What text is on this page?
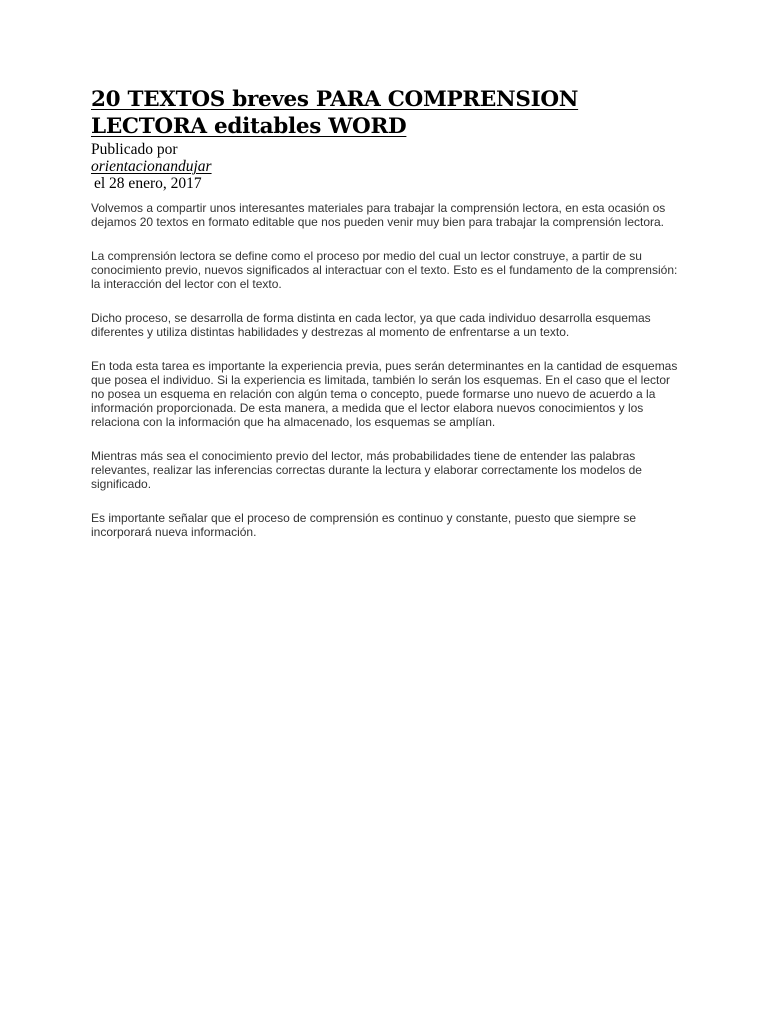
20 TEXTOS breves PARA COMPRENSION LECTORA editables WORD
Publicado por
orientacionandujar
el 28 enero, 2017

Volvemos a compartir unos interesantes materiales para trabajar la comprensión lectora, en esta ocasión os dejamos 20 textos en formato editable que nos pueden venir muy bien para trabajar la comprensión lectora.

La comprensión lectora se define como el proceso por medio del cual un lector construye, a partir de su conocimiento previo, nuevos significados al interactuar con el texto. Esto es el fundamento de la comprensión: la interacción del lector con el texto.

Dicho proceso, se desarrolla de forma distinta en cada lector, ya que cada individuo desarrolla esquemas diferentes y utiliza distintas habilidades y destrezas al momento de enfrentarse a un texto.

En toda esta tarea es importante la experiencia previa, pues serán determinantes en la cantidad de esquemas que posea el individuo. Si la experiencia es limitada, también lo serán los esquemas. En el caso que el lector no posea un esquema en relación con algún tema o concepto, puede formarse uno nuevo de acuerdo a la información proporcionada. De esta manera, a medida que el lector elabora nuevos conocimientos y los relaciona con la información que ha almacenado, los esquemas se amplían.

Mientras más sea el conocimiento previo del lector, más probabilidades tiene de entender las palabras relevantes, realizar las inferencias correctas durante la lectura y elaborar correctamente los modelos de significado.

Es importante señalar que el proceso de comprensión es continuo y constante, puesto que siempre se incorporará nueva información.
